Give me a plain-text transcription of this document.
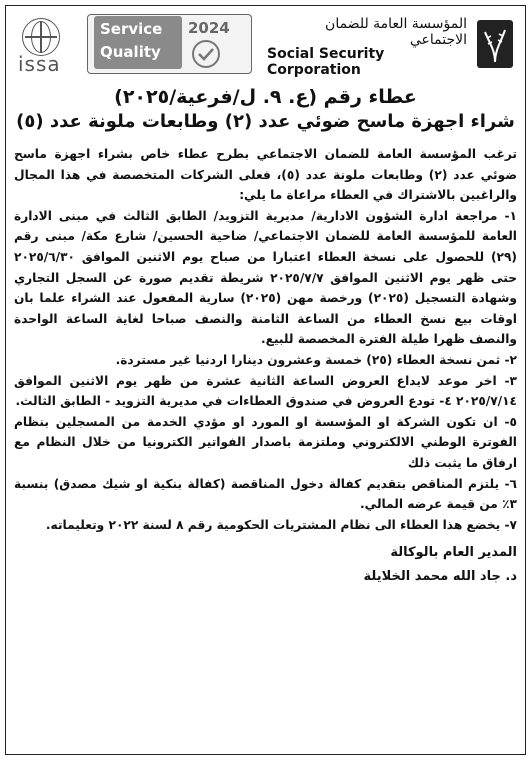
issa
Service
Quality
2024	المؤسسة العامة للضمان الاجتماعي
Social Security Corporation
عطاء رقم (ع. ٩. ل/فرعية/٢٠٢٥)
شراء اجهزة ماسح ضوئي عدد (٢) وطابعات ملونة عدد (٥)

ترغب المؤسسة العامة للضمان الاجتماعي بطرح عطاء خاص بشراء اجهزة ماسح ضوئي عدد (٢) وطابعات ملونة عدد (٥)، فعلى الشركات المتخصصة في هذا المجال والراغبين بالاشتراك في العطاء مراعاة ما يلي:

١- مراجعة ادارة الشؤون الادارية/ مديرية التزويد/ الطابق الثالث في مبنى الادارة العامة للمؤسسة العامة للضمان الاجتماعي/ ضاحية الحسين/ شارع مكة/ مبنى رقم (٢٩) للحصول على نسخة العطاء اعتبارا من صباح يوم الاثنين الموافق ٢٠٢٥/٦/٣٠ حتى ظهر يوم الاثنين الموافق ٢٠٢٥/٧/٧ شريطة تقديم صورة عن السجل التجاري وشهادة التسجيل (٢٠٢٥) ورخصة مهن (٢٠٢٥) سارية المفعول عند الشراء علما بان اوقات بيع نسخ العطاء من الساعة الثامنة والنصف صباحا لغاية الساعة الواحدة والنصف ظهرا طيلة الفترة المخصصة للبيع.

٢- ثمن نسخة العطاء (٢٥) خمسة وعشرون دينارا اردنيا غير مستردة.

٣- اخر موعد لايداع العروض الساعة الثانية عشرة من ظهر يوم الاثنين الموافق ٢٠٢٥/٧/١٤ ٤- تودع العروض في صندوق العطاءات في مديرية التزويد - الطابق الثالث.

٥- ان تكون الشركة او المؤسسة او المورد او مؤدي الخدمة من المسجلين بنظام الفوترة الوطني الالكتروني وملتزمة باصدار الفواتير الكترونيا من خلال النظام مع ارفاق ما يثبت ذلك

٦- يلتزم المناقص بتقديم كفالة دخول المناقصة (كفالة بنكية او شيك مصدق) بنسبة ٣٪ من قيمة عرضه المالي.

٧- يخضع هذا العطاء الى نظام المشتريات الحكومية رقم ٨ لسنة ٢٠٢٢ وتعليماته.

المدير العام بالوكالة
د. جاد الله محمد الخلايلة
